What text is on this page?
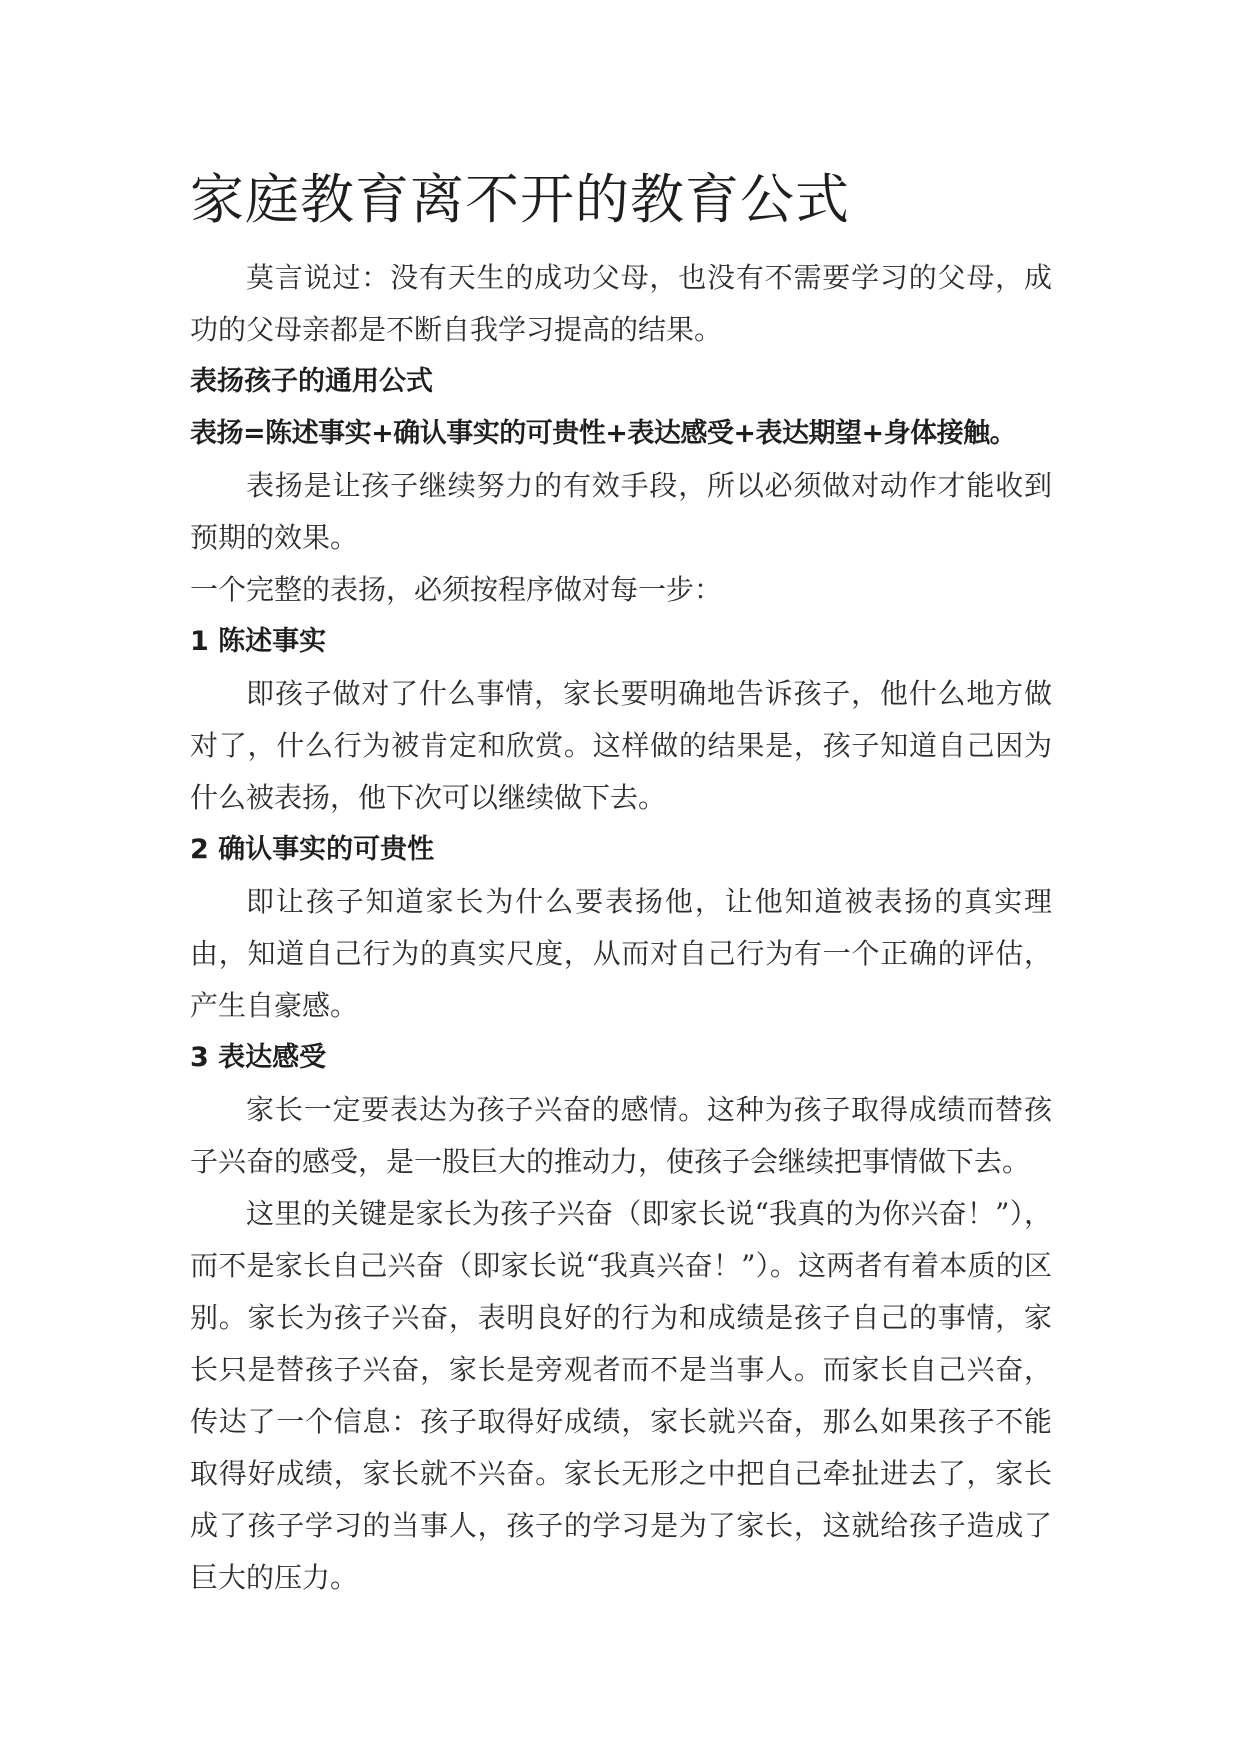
家庭教育离不开的教育公式

莫言说过：没有天生的成功父母，也没有不需要学习的父母，成功的父母亲都是不断自我学习提高的结果。

表扬孩子的通用公式
表扬=陈述事实+确认事实的可贵性+表达感受+表达期望+身体接触。

表扬是让孩子继续努力的有效手段，所以必须做对动作才能收到预期的效果。

一个完整的表扬，必须按程序做对每一步：

1 陈述事实

即孩子做对了什么事情，家长要明确地告诉孩子，他什么地方做对了，什么行为被肯定和欣赏。这样做的结果是，孩子知道自己因为什么被表扬，他下次可以继续做下去。

2 确认事实的可贵性

即让孩子知道家长为什么要表扬他，让他知道被表扬的真实理由，知道自己行为的真实尺度，从而对自己行为有一个正确的评估，产生自豪感。

3 表达感受

家长一定要表达为孩子兴奋的感情。这种为孩子取得成绩而替孩子兴奋的感受，是一股巨大的推动力，使孩子会继续把事情做下去。

这里的关键是家长为孩子兴奋（即家长说“我真的为你兴奋！”），而不是家长自己兴奋（即家长说“我真兴奋！”）。这两者有着本质的区别。家长为孩子兴奋，表明良好的行为和成绩是孩子自己的事情，家长只是替孩子兴奋，家长是旁观者而不是当事人。而家长自己兴奋，传达了一个信息：孩子取得好成绩，家长就兴奋，那么如果孩子不能取得好成绩，家长就不兴奋。家长无形之中把自己牵扯进去了，家长成了孩子学习的当事人，孩子的学习是为了家长，这就给孩子造成了巨大的压力。
